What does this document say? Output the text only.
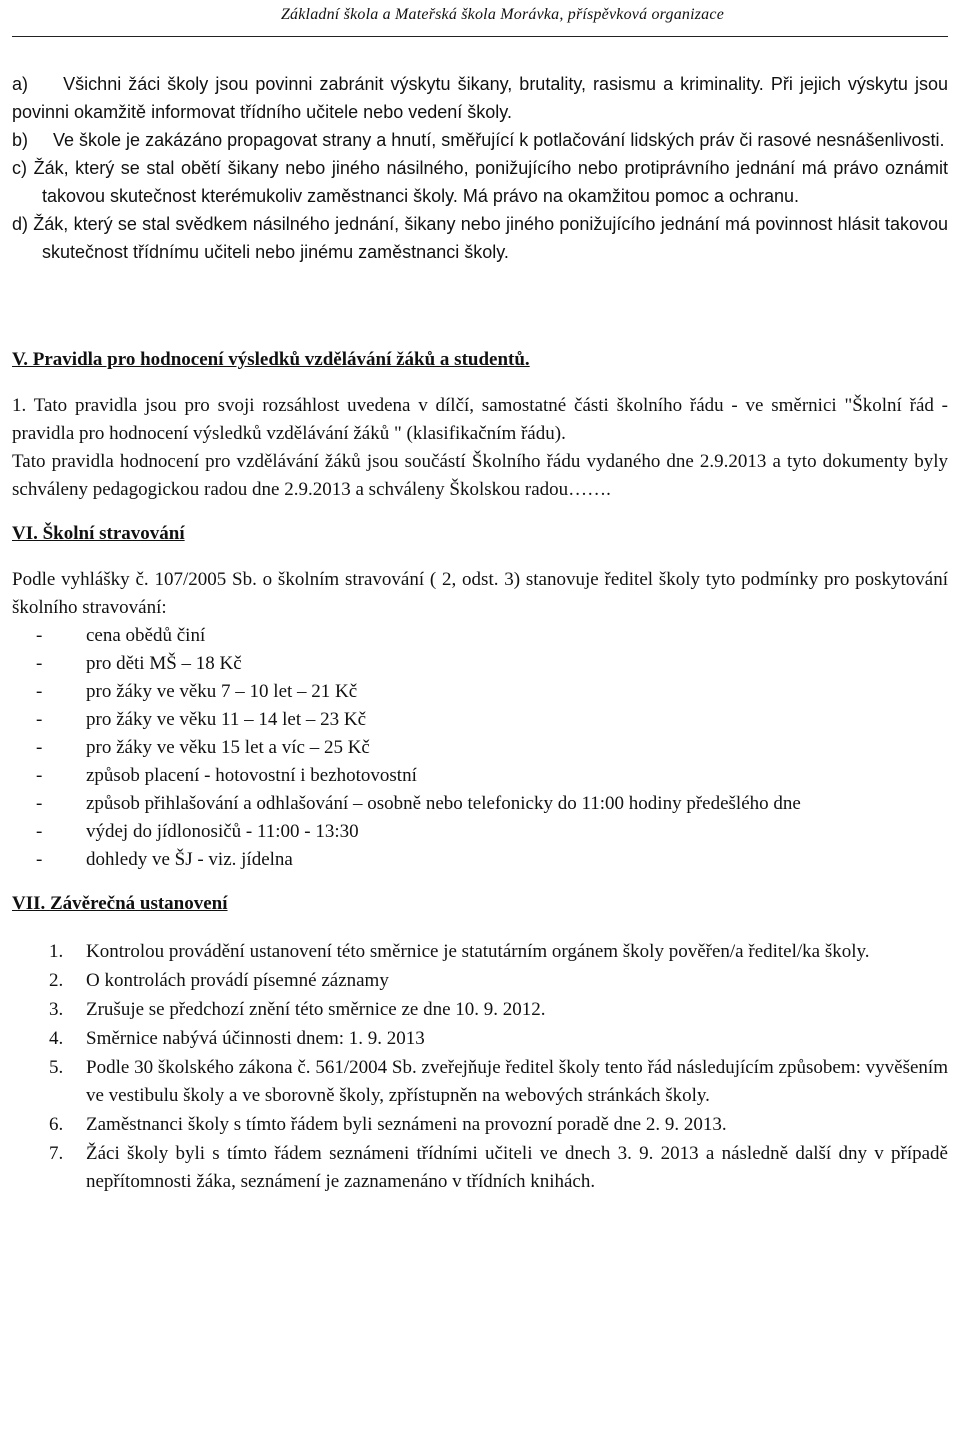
Základní škola a Mateřská škola Morávka, příspěvková organizace

a)     Všichni žáci školy jsou povinni zabránit výskytu šikany, brutality, rasismu a kriminality. Při jejich výskytu jsou povinni okamžitě informovat třídního učitele nebo vedení školy.

b)     Ve škole je zakázáno propagovat strany a hnutí, směřující k potlačování lidských práv či rasové nesnášenlivosti.

c) Žák, který se stal obětí šikany nebo jiného násilného, ponižujícího nebo protiprávního jednání má právo oznámit takovou skutečnost kterémukoliv zaměstnanci školy. Má právo na okamžitou pomoc a ochranu.

d) Žák, který se stal svědkem násilného jednání, šikany nebo jiného ponižujícího jednání má povinnost hlásit takovou skutečnost třídnímu učiteli nebo jinému zaměstnanci školy.

V. Pravidla pro hodnocení výsledků vzdělávání žáků a studentů.

1. Tato pravidla jsou pro svoji rozsáhlost uvedena v dílčí, samostatné části školního řádu - ve směrnici "Školní řád - pravidla pro hodnocení výsledků vzdělávání žáků " (klasifikačním řádu).

Tato pravidla hodnocení pro vzdělávání žáků jsou součástí Školního řádu vydaného dne 2.9.2013 a tyto dokumenty byly schváleny pedagogickou radou dne 2.9.2013 a schváleny Školskou radou…….

VI. Školní stravování

Podle vyhlášky č. 107/2005 Sb. o školním stravování ( 2, odst. 3) stanovuje ředitel školy tyto podmínky pro poskytování školního stravování:

- cena obědů činí
- pro děti MŠ – 18 Kč
- pro žáky ve věku 7 – 10 let – 21 Kč
- pro žáky ve věku 11 – 14 let – 23 Kč
- pro žáky ve věku 15 let a víc – 25 Kč
- způsob placení - hotovostní i bezhotovostní
- způsob přihlašování a odhlašování – osobně nebo telefonicky do 11:00 hodiny předešlého dne
- výdej do jídlonosičů - 11:00 - 13:30
- dohledy ve ŠJ - viz. jídelna

VII. Závěrečná ustanovení

1. Kontrolou provádění ustanovení této směrnice je statutárním orgánem školy pověřen/a ředitel/ka školy.
2. O kontrolách provádí písemné záznamy
3. Zrušuje se předchozí znění této směrnice ze dne 10. 9. 2012.
4. Směrnice nabývá účinnosti dnem: 1. 9. 2013
5. Podle 30 školského zákona č. 561/2004 Sb. zveřejňuje ředitel školy tento řád následujícím způsobem: vyvěšením ve vestibulu školy a ve sborovně školy, zpřístupněn na webových stránkách školy.
6. Zaměstnanci školy s tímto řádem byli seznámeni na provozní poradě dne 2. 9. 2013.
7. Žáci školy byli s tímto řádem seznámeni třídními učiteli ve dnech 3. 9. 2013 a následně další dny v případě nepřítomnosti žáka, seznámení je zaznamenáno v třídních knihách.
